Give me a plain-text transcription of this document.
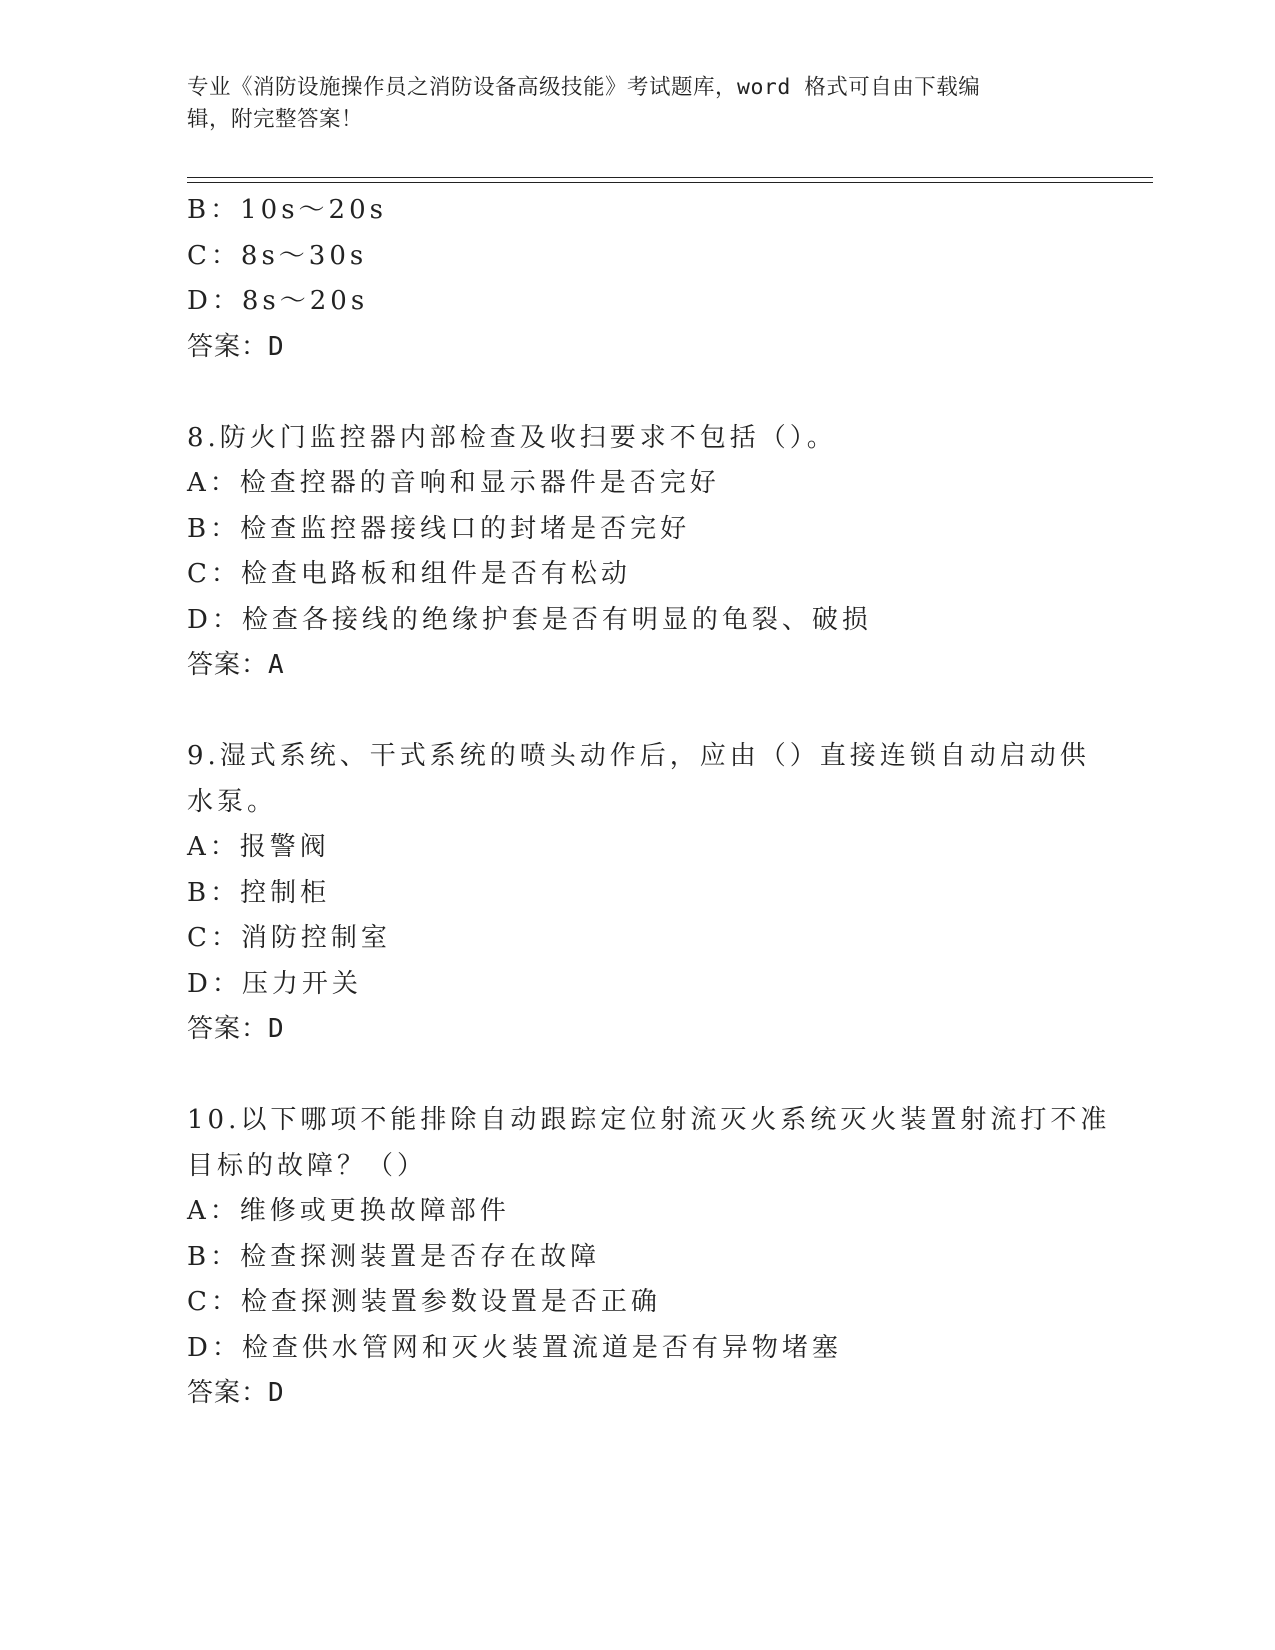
专业《消防设施操作员之消防设备高级技能》考试题库，word 格式可自由下载编
辑，附完整答案！
B：10s～20s
C：8s～30s
D：8s～20s
答案：D
8.防火门监控器内部检查及收扫要求不包括（）。
A：检查控器的音响和显示器件是否完好
B：检查监控器接线口的封堵是否完好
C：检查电路板和组件是否有松动
D：检查各接线的绝缘护套是否有明显的龟裂、破损
答案：A
9.湿式系统、干式系统的喷头动作后，应由（）直接连锁自动启动供
水泵。
A：报警阀
B：控制柜
C：消防控制室
D：压力开关
答案：D
10.以下哪项不能排除自动跟踪定位射流灭火系统灭火装置射流打不准
目标的故障？（）
A：维修或更换故障部件
B：检查探测装置是否存在故障
C：检查探测装置参数设置是否正确
D：检查供水管网和灭火装置流道是否有异物堵塞
答案：D
